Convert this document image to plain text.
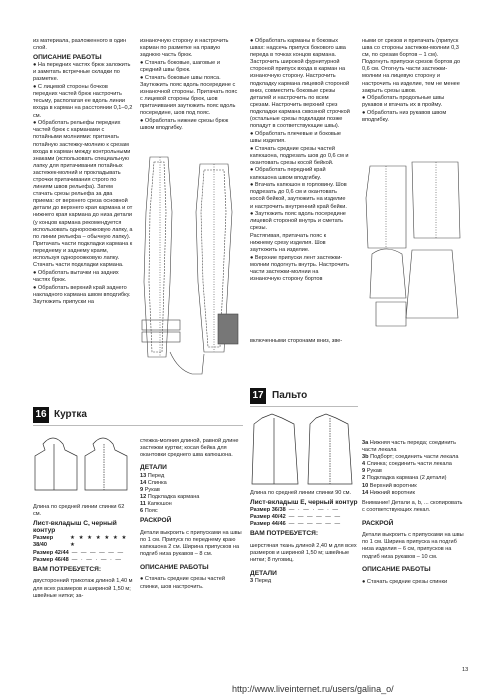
из материала, разложенного в один слой.

ОПИСАНИЕ РАБОТЫ

● На передних частях брюк заложить и заметать встречные складки по разметке.

● С лицевой стороны бочков передних частей брюк настрочить тесьму, располагая ее вдоль линии входа в карман на расстоянии 0,1–0,2 см.

● Обработать рельефы передних частей брюк с карманами с потайными молниями: притачать потайную застежку-молнию к срезам входа в карман между контрольными знаками (использовать специальную лапку для притачивания потайных застежек-молний и прокладывать строчки притачивания строго по линиям швов рельефа). Затем стачать срезы рельефа за два приема: от верхнего среза основной детали до верхнего края кармана и от нижнего края кармана до низа детали (у концов кармана рекомендуется использовать однороожковую лапку, а по линии рельефа – обычную лапку). Притачать части подкладки кармана к переднему и заднему краям, используя однороожковую лапку. Стачать части подкладки кармана.

● Обработать вытачки на задних частях брюк.

● Обработать верхний край заднего накладного кармана швом вподгибку. Заутюжить припуски на

изнаночную сторону и настрочить карман по разметке на правую заднюю часть брюк.

● Стачать боковые, шаговые и средний швы брюк.

● Стачать боковые швы пояса. Заутюжить пояс вдоль посередине с изнаночной стороны. Притачать пояс с лицевой стороны брюк, шов притачивания заутюжить пояс вдоль посередине, шов под пояс.

● Обработать нижние срезы брюк швом вподгибку.

● Обработать карманы в боковых швах: надсечь припуск бокового шва переда в точках концов кармана. Застрочить широкой фурнитурной стороной припуск входа в карман на изнаночную сторону. Настрочить подкладку кармана лицевой стороной вниз, совместить боковые срезы деталей и настрочить по всем срезам. Настрочить верхний срез подкладки кармана сквозной строчкой (остальные срезы подкладки позже попадут в соответствующие швы).

● Обработать плечевые и боковые швы изделия.

● Стачать средние срезы частей капюшона, подрезать шов до 0,6 см и окантовать срезы косой бейкой.

● Обработать передний край капюшона швом вподгибку.

● Втачать капюшон в горловину. Шов подрезать до 0,6 см и окантовать косой бейкой, заутюжить на изделие и настрочить внутренний край бейки.

● Заутюжить пояс вдоль посередине лицевой стороной внутрь и сметать срезы.

Растягивая, притачать пояс к нижнему срезу изделия. Шов заутюжить на изделие.

● Верхние припуски лент застежки-молнии подогнуть внутрь. Настрочить части застежки-молнии на изнаночную сторону бортов

ными от срезов и притачать (припуск шва со стороны застежки-молнии 0,3 см, по срезам бортов – 1 см). Подогнуть припуски срезов бортов до 0,6 см. Отогнуть части застежки-молнии на лицевую сторону и настрочить на изделие, тем не менее закрыть срезы швов.

● Обработать продольные швы рукавов и втачать их в пройму.

● Обработать низ рукавов швом вподгибку.

включенными сторонами вниз, зве-
16 Куртка

Длина по средней линии спинки 62 см.

Лист-вкладыш С, черный контур
Размер 38/40
★ ★ ★ ★ ★ ★ ★ ★
Размер 42/44 — — — — — —
Размер 46/48 — · — · — · —
ВАМ ПОТРЕБУЕТСЯ:

двусторонний трикотаж длиной 1,40 м для всех размеров и шириной 1,50 м; швейные нитки; за-

стежка-молния длиной, равной длине застежки куртки; косая бейка для окантовки среднего шва капюшона.

ДЕТАЛИ
13 Перед
14 Спинка
9 Рукав
12 Подкладка кармана
11 Капюшон
6 Пояс
РАСКРОЙ

Детали выкроить с припусками на швы по 1 см. Припуск по переднему краю капюшона 2 см. Ширина припусков на подгиб низа рукавов – 8 см.

ОПИСАНИЕ РАБОТЫ

● Стачать средние срезы частей спинки, шов настрочить.

17 Пальто

Длина по средней линии спинки 90 см.

Лист-вкладыш Е, черный контур
Размер 36/38 — · — · — · —
Размер 40/42 — — — — — —
Размер 44/46 — — — — — —
ВАМ ПОТРЕБУЕТСЯ:

шерстяная ткань длиной 2,40 м для всех размеров и шириной 1,50 м; швейные нитки; 8 пуговиц.

ДЕТАЛИ
3 Перед
3а Нижняя часть переда; соединить части лекала
3b Подборт; соединить части лекала
4 Спинка; соединить части лекала
9 Рукав
2 Подкладка кармана (2 детали)
10 Верхний воротник
14 Нижний воротник

Внимание! Детали а, b, ... скопировать с соответствующих лекал.

РАСКРОЙ

Детали выкроить с припусками на швы по 1 см. Ширина припуска на подгиб низа изделия – 6 см, припусков на подгиб низа рукавов – 10 см.

ОПИСАНИЕ РАБОТЫ

● Стачать средние срезы спинки

13
http://www.liveinternet.ru/users/galina_o/
